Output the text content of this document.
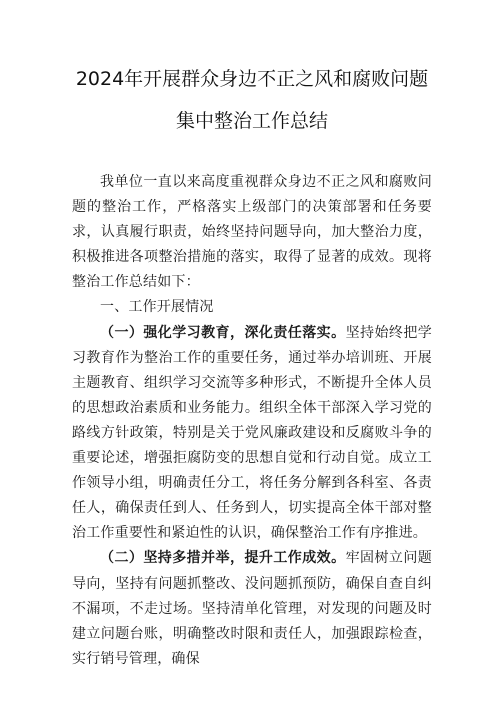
2024年开展群众身边不正之风和腐败问题
集中整治工作总结

我单位一直以来高度重视群众身边不正之风和腐败问题的整治工作，严格落实上级部门的决策部署和任务要求，认真履行职责，始终坚持问题导向，加大整治力度，积极推进各项整治措施的落实，取得了显著的成效。现将整治工作总结如下：

一、工作开展情况

（一）强化学习教育，深化责任落实。坚持始终把学习教育作为整治工作的重要任务，通过举办培训班、开展主题教育、组织学习交流等多种形式，不断提升全体人员的思想政治素质和业务能力。组织全体干部深入学习党的路线方针政策，特别是关于党风廉政建设和反腐败斗争的重要论述，增强拒腐防变的思想自觉和行动自觉。成立工作领导小组，明确责任分工，将任务分解到各科室、各责任人，确保责任到人、任务到人，切实提高全体干部对整治工作重要性和紧迫性的认识，确保整治工作有序推进。

（二）坚持多措并举，提升工作成效。牢固树立问题导向，坚持有问题抓整改、没问题抓预防，确保自查自纠不漏项，不走过场。坚持清单化管理，对发现的问题及时建立问题台账，明确整改时限和责任人，加强跟踪检查，实行销号管理，确保
